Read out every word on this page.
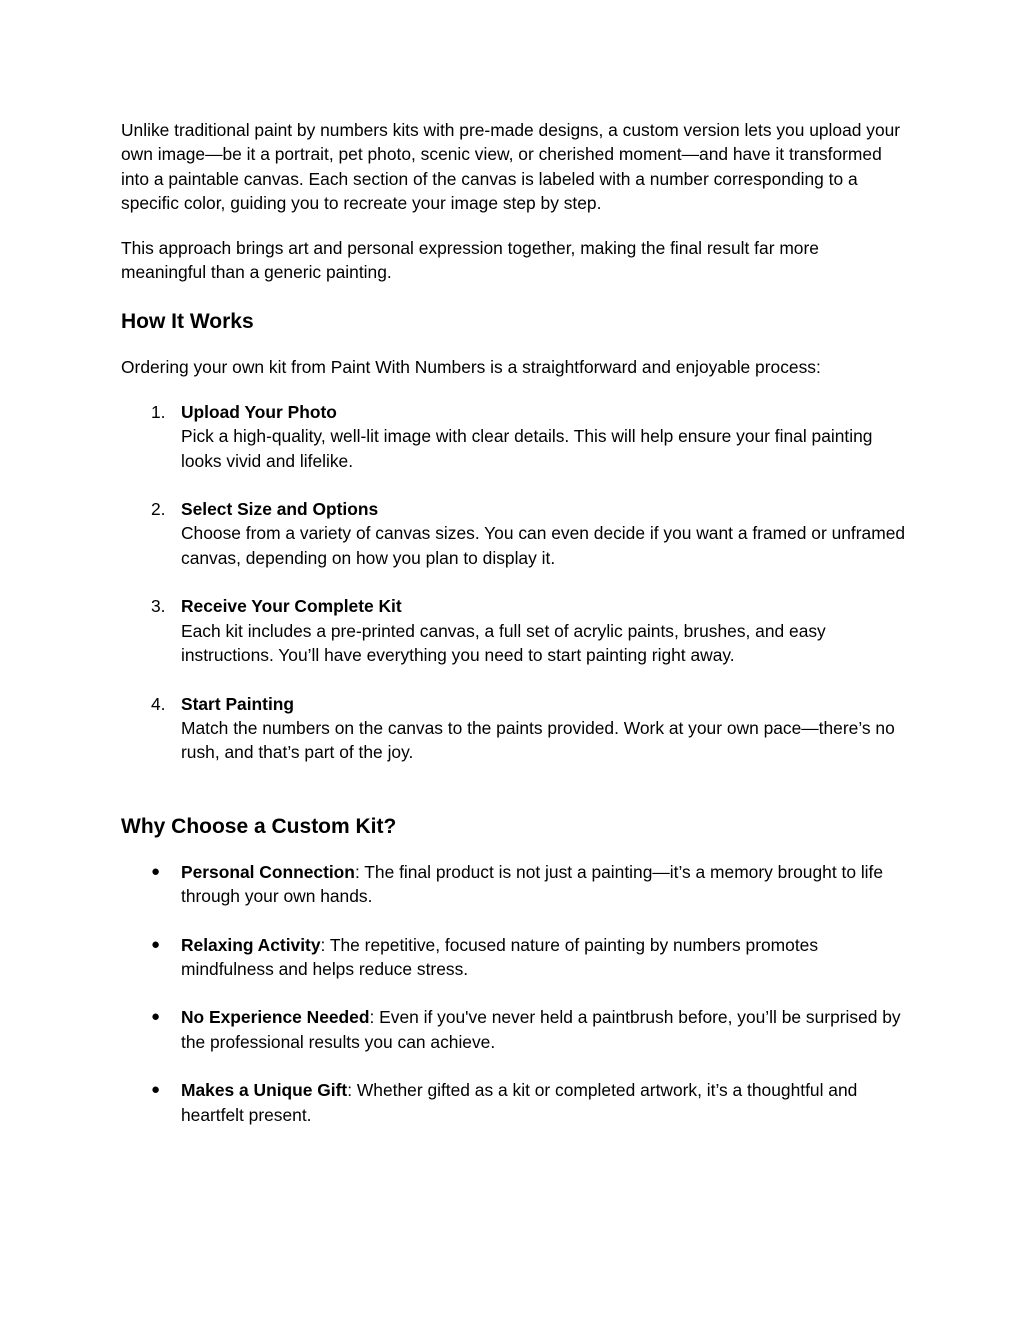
Unlike traditional paint by numbers kits with pre-made designs, a custom version lets you upload your own image—be it a portrait, pet photo, scenic view, or cherished moment—and have it transformed into a paintable canvas. Each section of the canvas is labeled with a number corresponding to a specific color, guiding you to recreate your image step by step.

This approach brings art and personal expression together, making the final result far more meaningful than a generic painting.

How It Works

Ordering your own kit from Paint With Numbers is a straightforward and enjoyable process:

1. Upload Your Photo
Pick a high-quality, well-lit image with clear details. This will help ensure your final painting looks vivid and lifelike.
2. Select Size and Options
Choose from a variety of canvas sizes. You can even decide if you want a framed or unframed canvas, depending on how you plan to display it.
3. Receive Your Complete Kit
Each kit includes a pre-printed canvas, a full set of acrylic paints, brushes, and easy instructions. You’ll have everything you need to start painting right away.
4. Start Painting
Match the numbers on the canvas to the paints provided. Work at your own pace—there’s no rush, and that’s part of the joy.
Why Choose a Custom Kit?
● Personal Connection: The final product is not just a painting—it’s a memory brought to life through your own hands.
● Relaxing Activity: The repetitive, focused nature of painting by numbers promotes mindfulness and helps reduce stress.
● No Experience Needed: Even if you've never held a paintbrush before, you’ll be surprised by the professional results you can achieve.
● Makes a Unique Gift: Whether gifted as a kit or completed artwork, it’s a thoughtful and heartfelt present.
